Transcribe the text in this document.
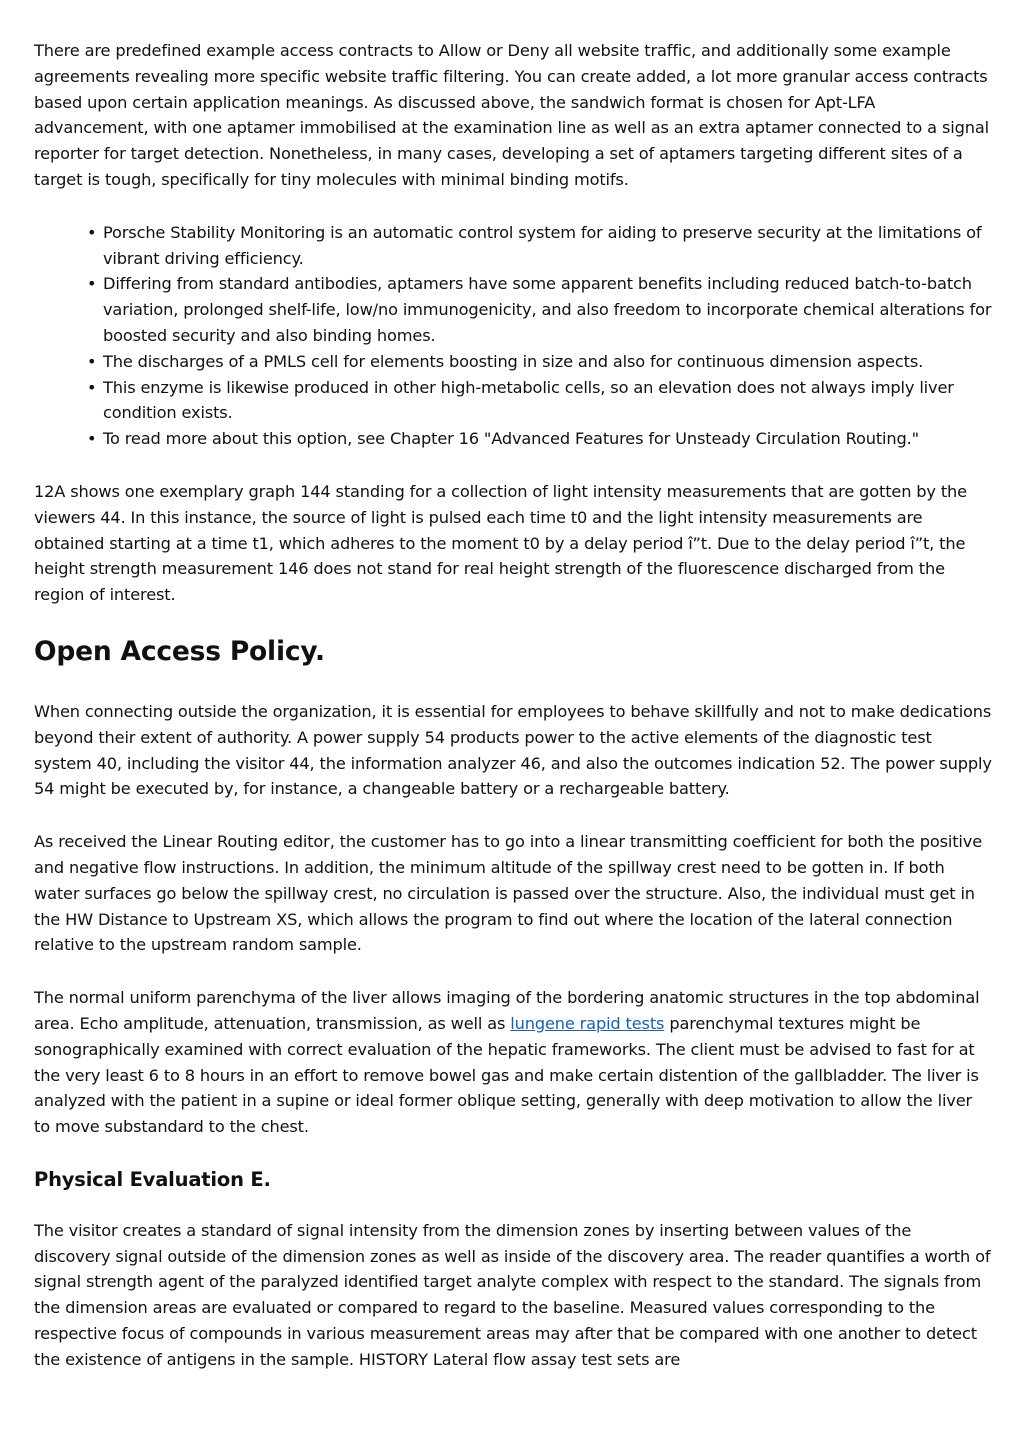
There are predefined example access contracts to Allow or Deny all website traffic, and additionally some example agreements revealing more specific website traffic filtering. You can create added, a lot more granular access contracts based upon certain application meanings. As discussed above, the sandwich format is chosen for Apt-LFA advancement, with one aptamer immobilised at the examination line as well as an extra aptamer connected to a signal reporter for target detection. Nonetheless, in many cases, developing a set of aptamers targeting different sites of a target is tough, specifically for tiny molecules with minimal binding motifs.

• Porsche Stability Monitoring is an automatic control system for aiding to preserve security at the limitations of vibrant driving efficiency.
• Differing from standard antibodies, aptamers have some apparent benefits including reduced batch-to-batch variation, prolonged shelf-life, low/no immunogenicity, and also freedom to incorporate chemical alterations for boosted security and also binding homes.
• The discharges of a PMLS cell for elements boosting in size and also for continuous dimension aspects.
• This enzyme is likewise produced in other high-metabolic cells, so an elevation does not always imply liver condition exists.
• To read more about this option, see Chapter 16 "Advanced Features for Unsteady Circulation Routing."

12A shows one exemplary graph 144 standing for a collection of light intensity measurements that are gotten by the viewers 44. In this instance, the source of light is pulsed each time t0 and the light intensity measurements are obtained starting at a time t1, which adheres to the moment t0 by a delay period î”t. Due to the delay period î”t, the height strength measurement 146 does not stand for real height strength of the fluorescence discharged from the region of interest.

Open Access Policy.

When connecting outside the organization, it is essential for employees to behave skillfully and not to make dedications beyond their extent of authority. A power supply 54 products power to the active elements of the diagnostic test system 40, including the visitor 44, the information analyzer 46, and also the outcomes indication 52. The power supply 54 might be executed by, for instance, a changeable battery or a rechargeable battery.

As received the Linear Routing editor, the customer has to go into a linear transmitting coefficient for both the positive and negative flow instructions. In addition, the minimum altitude of the spillway crest need to be gotten in. If both water surfaces go below the spillway crest, no circulation is passed over the structure. Also, the individual must get in the HW Distance to Upstream XS, which allows the program to find out where the location of the lateral connection relative to the upstream random sample.

The normal uniform parenchyma of the liver allows imaging of the bordering anatomic structures in the top abdominal area. Echo amplitude, attenuation, transmission, as well as lungene rapid tests parenchymal textures might be sonographically examined with correct evaluation of the hepatic frameworks. The client must be advised to fast for at the very least 6 to 8 hours in an effort to remove bowel gas and make certain distention of the gallbladder. The liver is analyzed with the patient in a supine or ideal former oblique setting, generally with deep motivation to allow the liver to move substandard to the chest.

Physical Evaluation E.

The visitor creates a standard of signal intensity from the dimension zones by inserting between values of the discovery signal outside of the dimension zones as well as inside of the discovery area. The reader quantifies a worth of signal strength agent of the paralyzed identified target analyte complex with respect to the standard. The signals from the dimension areas are evaluated or compared to regard to the baseline. Measured values corresponding to the respective focus of compounds in various measurement areas may after that be compared with one another to detect the existence of antigens in the sample. HISTORY Lateral flow assay test sets are
